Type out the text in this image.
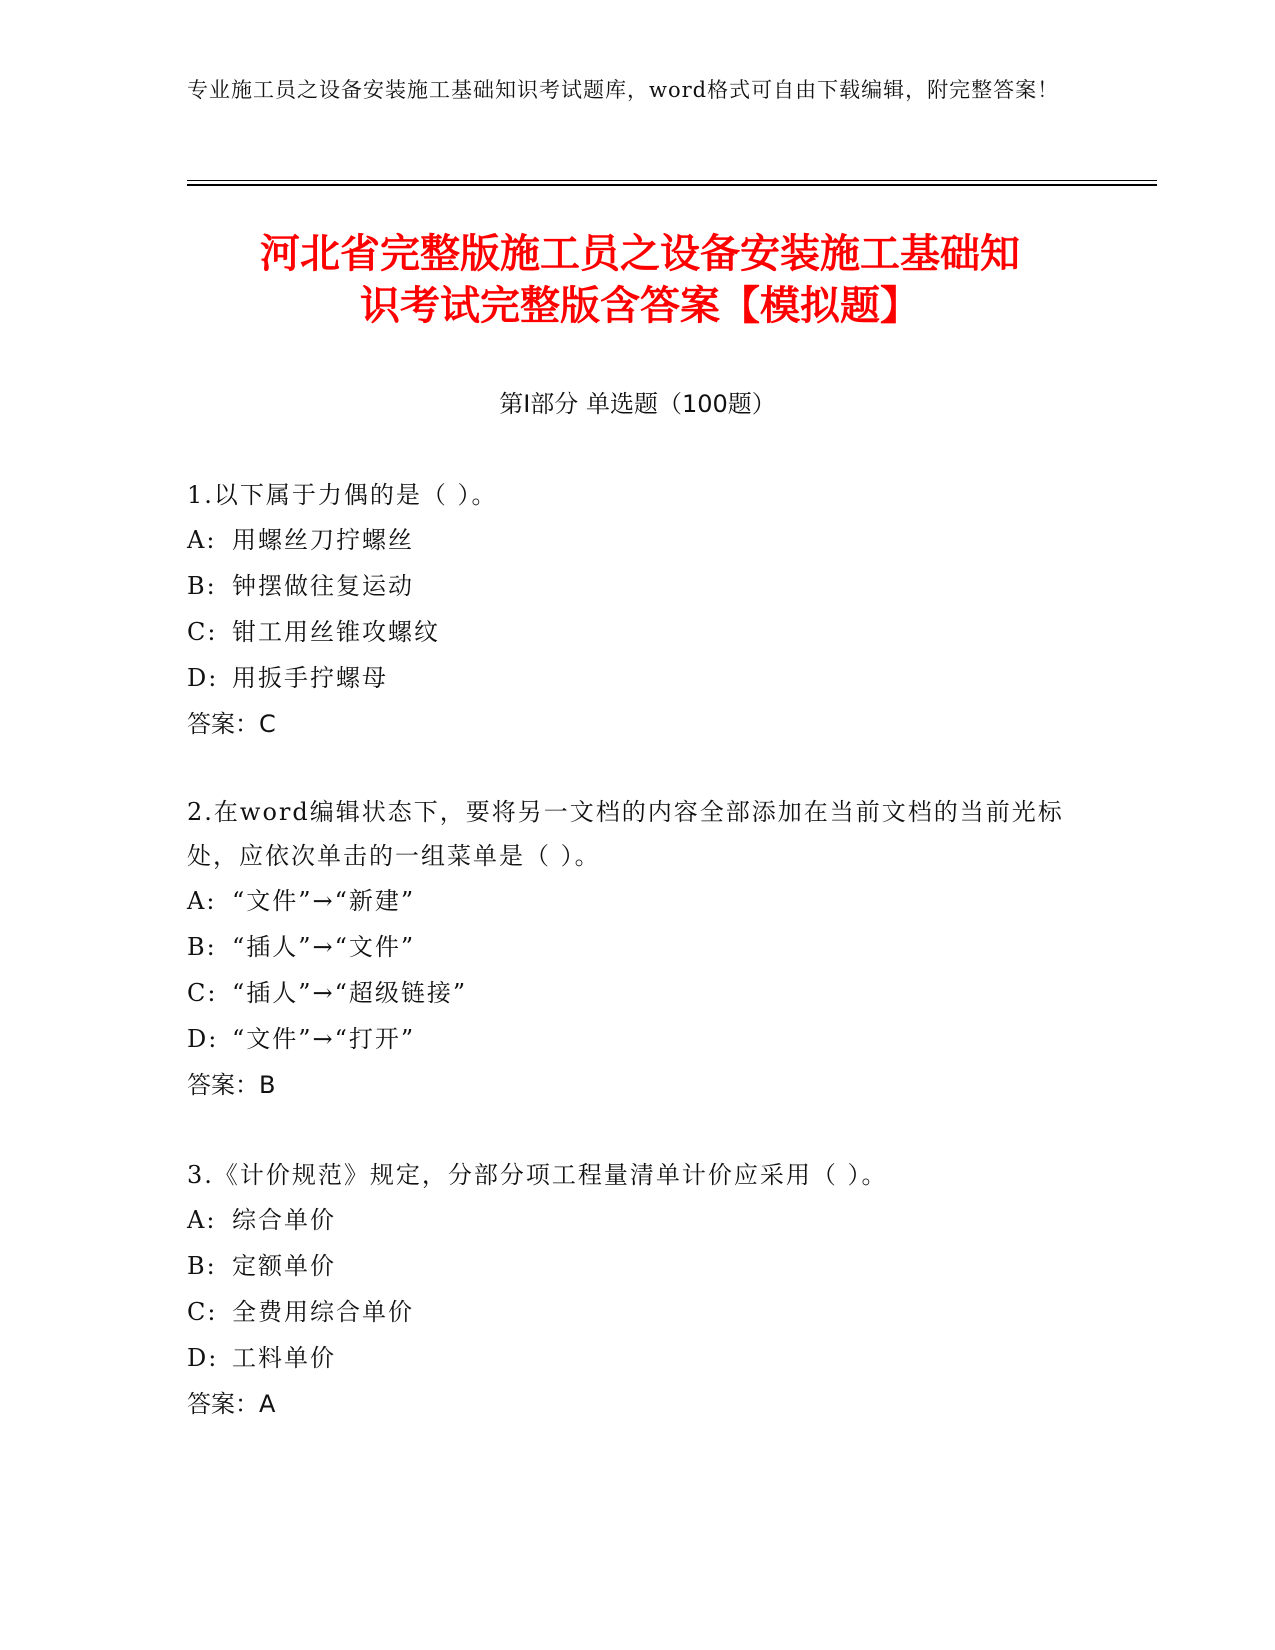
专业施工员之设备安装施工基础知识考试题库，word格式可自由下载编辑，附完整答案！
河北省完整版施工员之设备安装施工基础知
识考试完整版含答案【模拟题】
第Ⅰ部分 单选题（100题）

1.以下属于力偶的是（ ）。

A: 用螺丝刀拧螺丝

B: 钟摆做往复运动

C: 钳工用丝锥攻螺纹

D: 用扳手拧螺母

答案：C

2.在word编辑状态下，要将另一文档的内容全部添加在当前文档的当前光标处，应依次单击的一组菜单是（ ）。

A: “文件”→“新建”

B: “插人”→“文件”

C: “插人”→“超级链接”

D: “文件”→“打开”

答案：B

3.《计价规范》规定，分部分项工程量清单计价应采用（ ）。

A: 综合单价

B: 定额单价

C: 全费用综合单价

D: 工料单价

答案：A
